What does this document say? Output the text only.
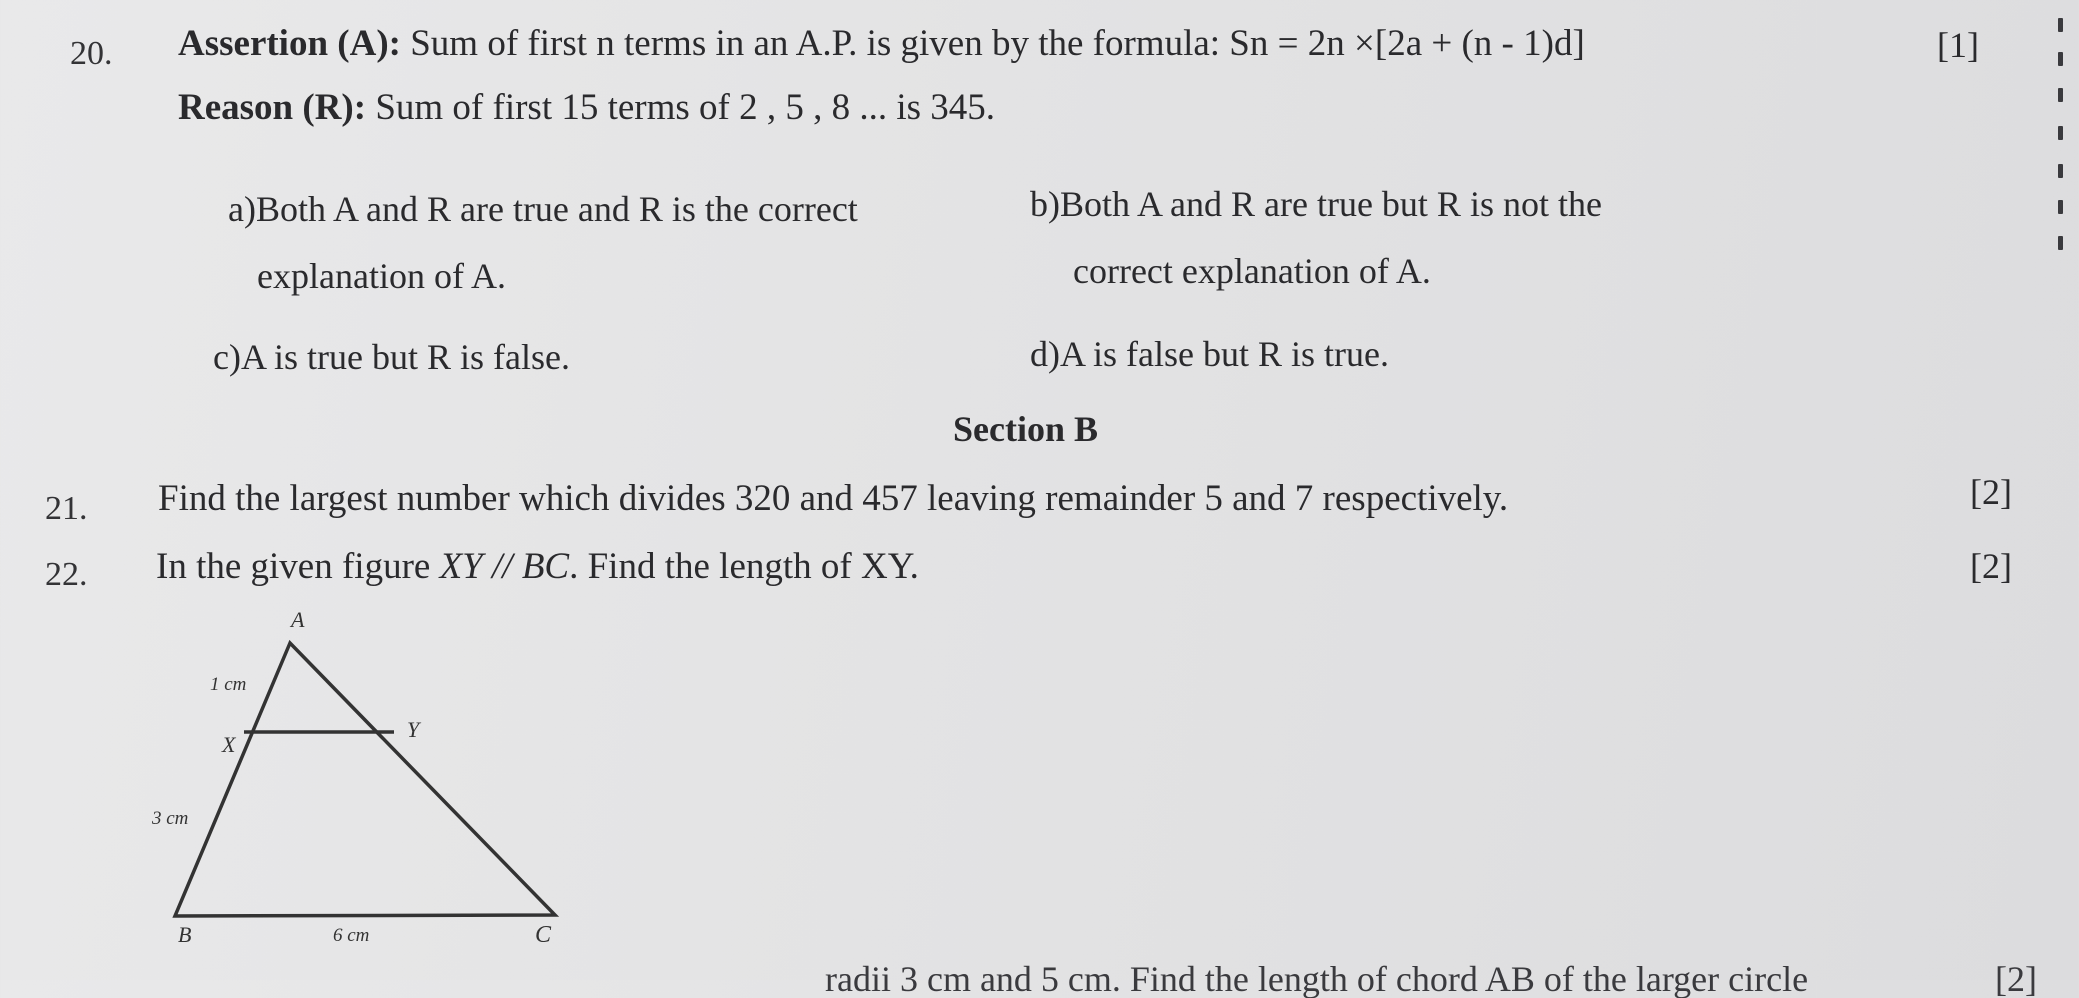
20. Assertion (A): Sum of first n terms in an A.P. is given by the formula: Sn = 2n ×[2a + (n - 1)d]	[1]
Reason (R): Sum of first 15 terms of 2 , 5 , 8 ... is 345.
a)Both A and R are true and R is the correct
explanation of A.
b)Both A and R are true but R is not the
correct explanation of A.
c)A is true but R is false.	d)A is false but R is true.
Section B
21. Find the largest number which divides 320 and 457 leaving remainder 5 and 7 respectively.	[2]
22. In the given figure XY // BC. Find the length of XY.	[2]
A
X
Y
B	C
1 cm
3 cm
6 cm
radii 3 cm and 5 cm. Find the length of chord AB of the larger circle	[2]
